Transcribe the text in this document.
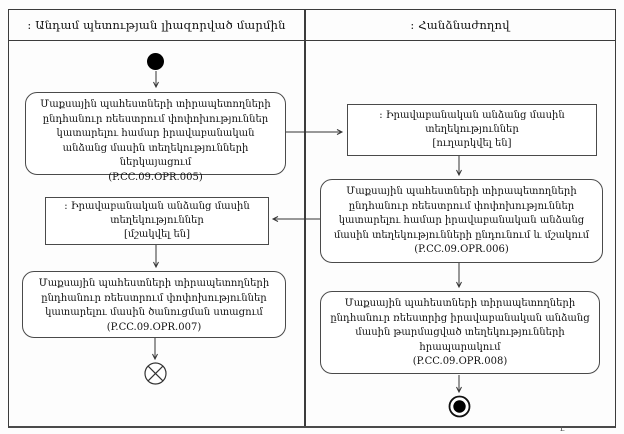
: Անդամ պետության լիազորված մարմին	: Հանձնաժողով
Մաքսային պահեստների տիրապետողների ընդհանուր ռեեստրում փոփոխություններ կատարելու համար իրավաբանական անձանց մասին տեղեկությունների ներկայացում
(P.CC.09.OPR.005)
: Իրավաբանական անձանց մասին տեղեկություններ
[ուղարկվել են]
Մաքսային պահեստների տիրապետողների ընդհանուր ռեեստրում փոփոխություններ կատարելու համար իրավաբանական անձանց մասին տեղեկությունների ընդունում և մշակում (P.CC.09.OPR.006)
: Իրավաբանական անձանց մասին տեղեկություններ
[մշակվել են]
Մաքսային պահեստների տիրապետողների ընդհանուր ռեեստրում փոփոխություններ կատարելու մասին ծանուցման ստացում (P.CC.09.OPR.007)
Մաքսային պահեստների տիրապետողների ընդհանուր ռեեստրից իրավաբանական անձանց մասին թարմացված տեղեկությունների հրապարակում
(P.CC.09.OPR.008)
ւ
